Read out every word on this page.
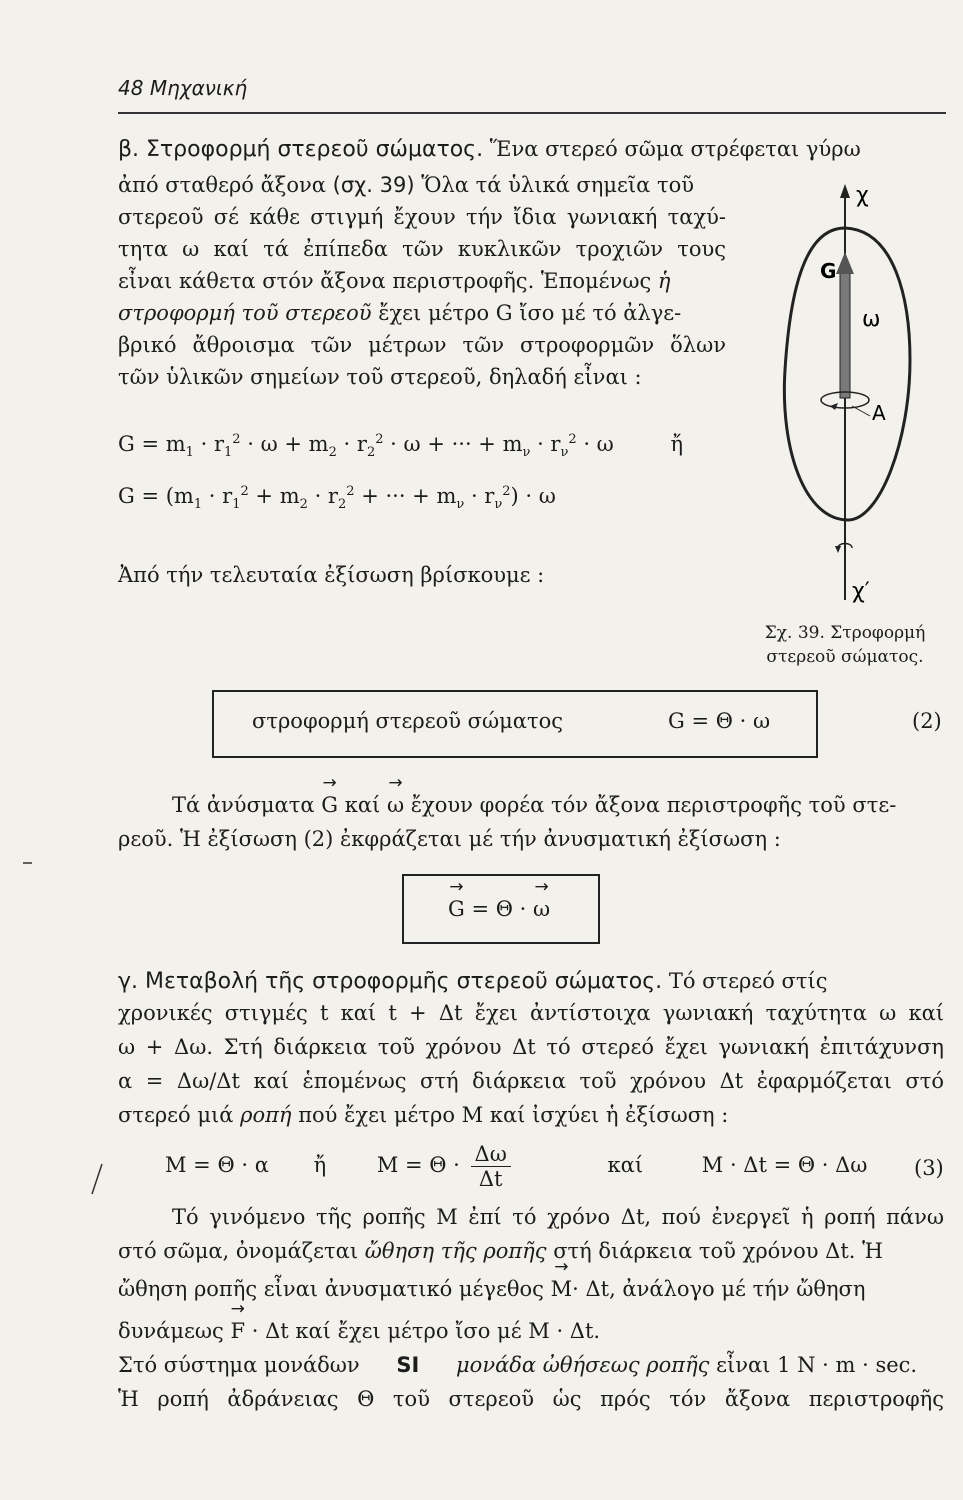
48 Μηχανική
β. Στροφορμή στερεοῦ σώματος. Ἕνα στερεό σῶμα στρέφεται γύρω
ἀπό σταθερό ἄξονα (σχ. 39) Ὅλα τά ὑλικά σημεῖα τοῦ
στερεοῦ σέ κάθε στιγμή ἔχουν τήν ἴδια γωνιακή ταχύ-
τητα ω καί τά ἐπίπεδα τῶν κυκλικῶν τροχιῶν τους
εἶναι κάθετα στόν ἄξονα περιστροφῆς. Ἑπομένως ἡ
στροφορμή τοῦ στερεοῦ ἔχει μέτρο G ἴσο μέ τό ἀλγε-
βρικό ἄθροισμα τῶν μέτρων τῶν στροφορμῶν ὅλων
τῶν ὑλικῶν σημείων τοῦ στερεοῦ, δηλαδή εἶναι :
$G = m_1 \cdot r_1^2 \cdot \omega + m_2 \cdot r_2^2 \cdot \omega$ + ··· + $m_\nu \cdot r_\nu^2 \cdot \omega$ ἤ
$G = (m_1 \cdot r_1^2 + m_2 \cdot r_2^2$ + ··· + $m_\nu \cdot r_\nu^2) \cdot \omega$
Ἀπό τήν τελευταία ἐξίσωση βρίσκουμε :
στροφορμή στερεοῦ σώματος	G = Θ · ω	(2)
Τά ἀνύσματα → G καί → ω ἔχουν φορέα τόν ἄξονα περιστροφῆς τοῦ στε-
ρεοῦ. Ἡ ἐξίσωση (2) ἐκφράζεται μέ τήν ἀνυσματική ἐξίσωση :
→ G = Θ · → ω
γ. Μεταβολή τῆς στροφορμῆς στερεοῦ σώματος. Τό στερεό στίς
χρονικές στιγμές t καί t + Δt ἔχει ἀντίστοιχα γωνιακή ταχύτητα ω καί
ω + Δω. Στή διάρκεια τοῦ χρόνου Δt τό στερεό ἔχει γωνιακή ἐπιτάχυνση
α = Δω/Δt καί ἑπομένως στή διάρκεια τοῦ χρόνου Δt ἐφαρμόζεται στό
στερεό μιά ροπή πού ἔχει μέτρο Μ καί ἰσχύει ἡ ἐξίσωση :
Μ = Θ · α ἤ $M = \Theta \cdot \frac{\Delta\omega}{\Delta t}$	καί	Μ · Δt = Θ · Δω (3)
Τό γινόμενο τῆς ροπῆς Μ ἐπί τό χρόνο Δt, πού ἐνεργεῖ ἡ ροπή πάνω
στό σῶμα, ὀνομάζεται ὤθηση τῆς ροπῆς στή διάρκεια τοῦ χρόνου Δt. Ἡ
ὤθηση ροπῆς εἶναι ἀνυσματικό μέγεθος → Μ· Δt, ἀνάλογο μέ τήν ὤθηση
δυνάμεως → F · Δt καί ἔχει μέτρο ἴσο μέ Μ · Δt.
Στό σύστημα μονάδων SI μονάδα ὠθήσεως ροπῆς εἶναι 1 N · m · sec.
Ἡ ροπή ἀδράνειας Θ τοῦ στερεοῦ ὡς πρός τόν ἄξονα περιστροφῆς
χ
G
ω
A
χ′
Σχ. 39. Στροφορμή
στερεοῦ σώματος.
